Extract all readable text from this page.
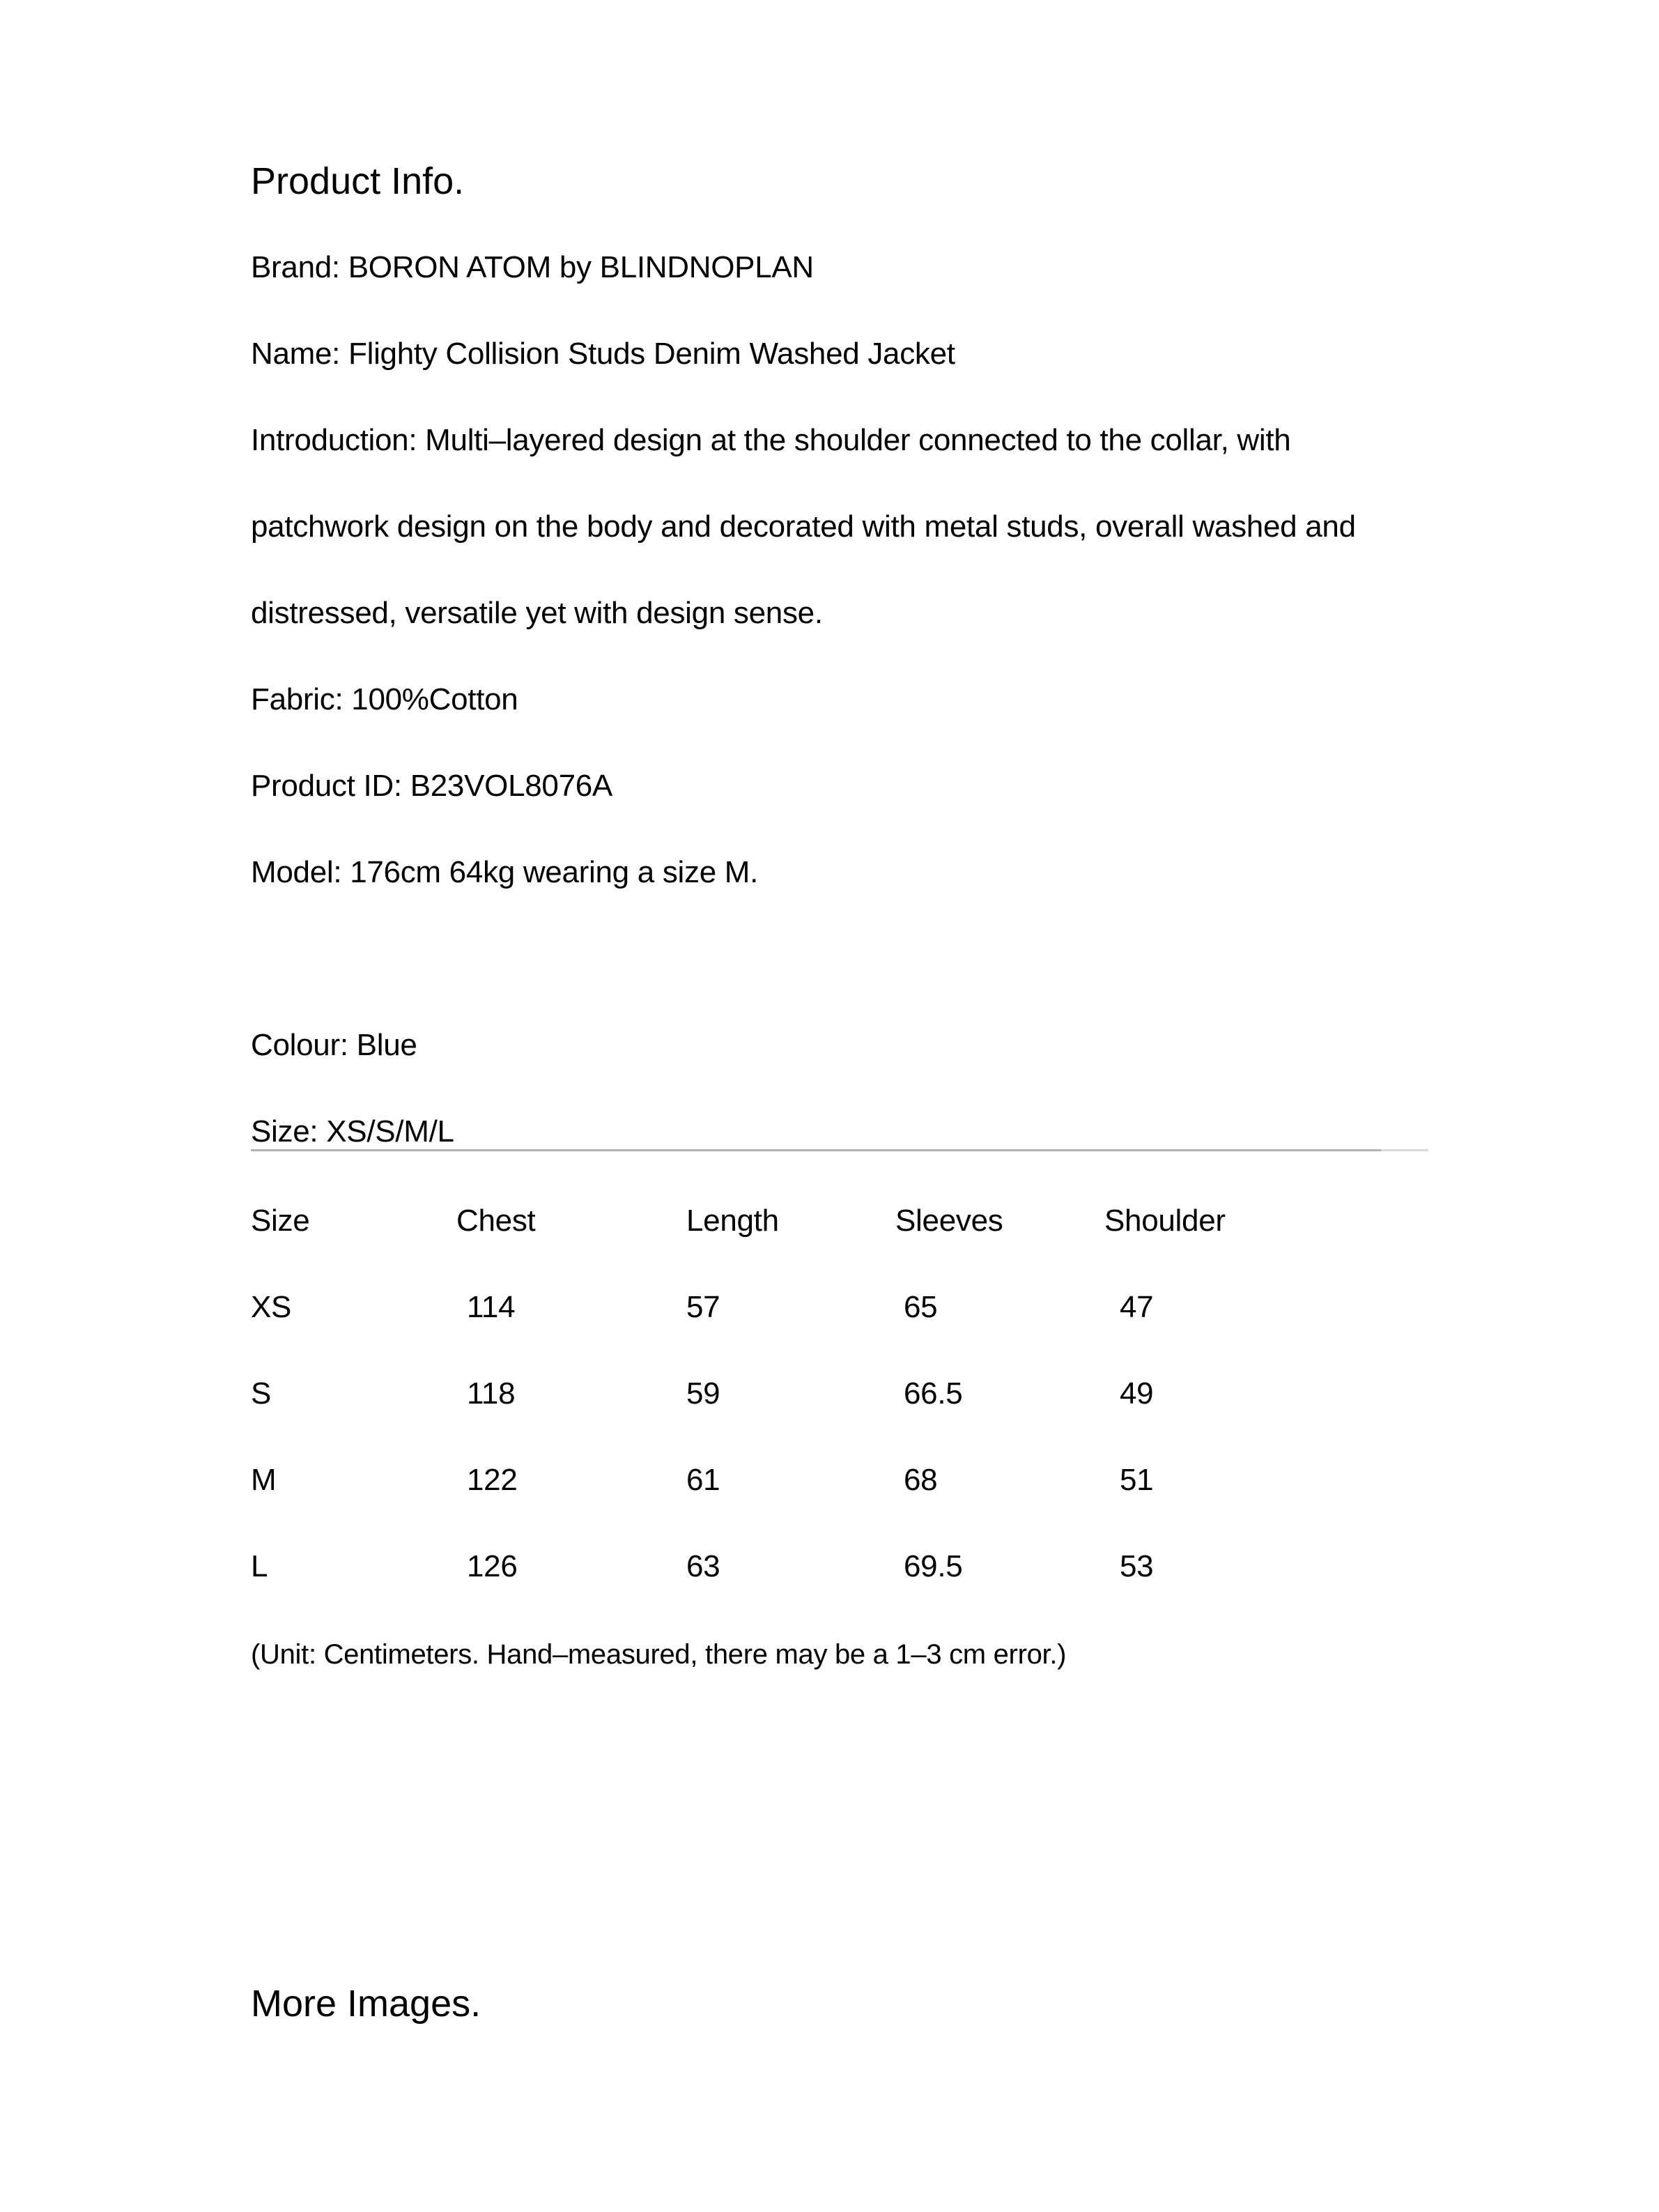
Product Info.

Brand: BORON ATOM by BLINDNOPLAN

Name: Flighty Collision Studs Denim Washed Jacket

Introduction: Multi–layered design at the shoulder connected to the collar, with

patchwork design on the body and decorated with metal studs, overall washed and

distressed, versatile yet with design sense.

Fabric: 100%Cotton

Product ID: B23VOL8076A

Model: 176cm 64kg wearing a size M.

Colour: Blue

Size: XS/S/M/L

Size	Chest	Length	Sleeves	Shoulder
XS	114	57	65	47
S	118	59	66.5	49
M	122	61	68	51
L	126	63	69.5	53

(Unit: Centimeters. Hand–measured, there may be a 1–3 cm error.)

More Images.
